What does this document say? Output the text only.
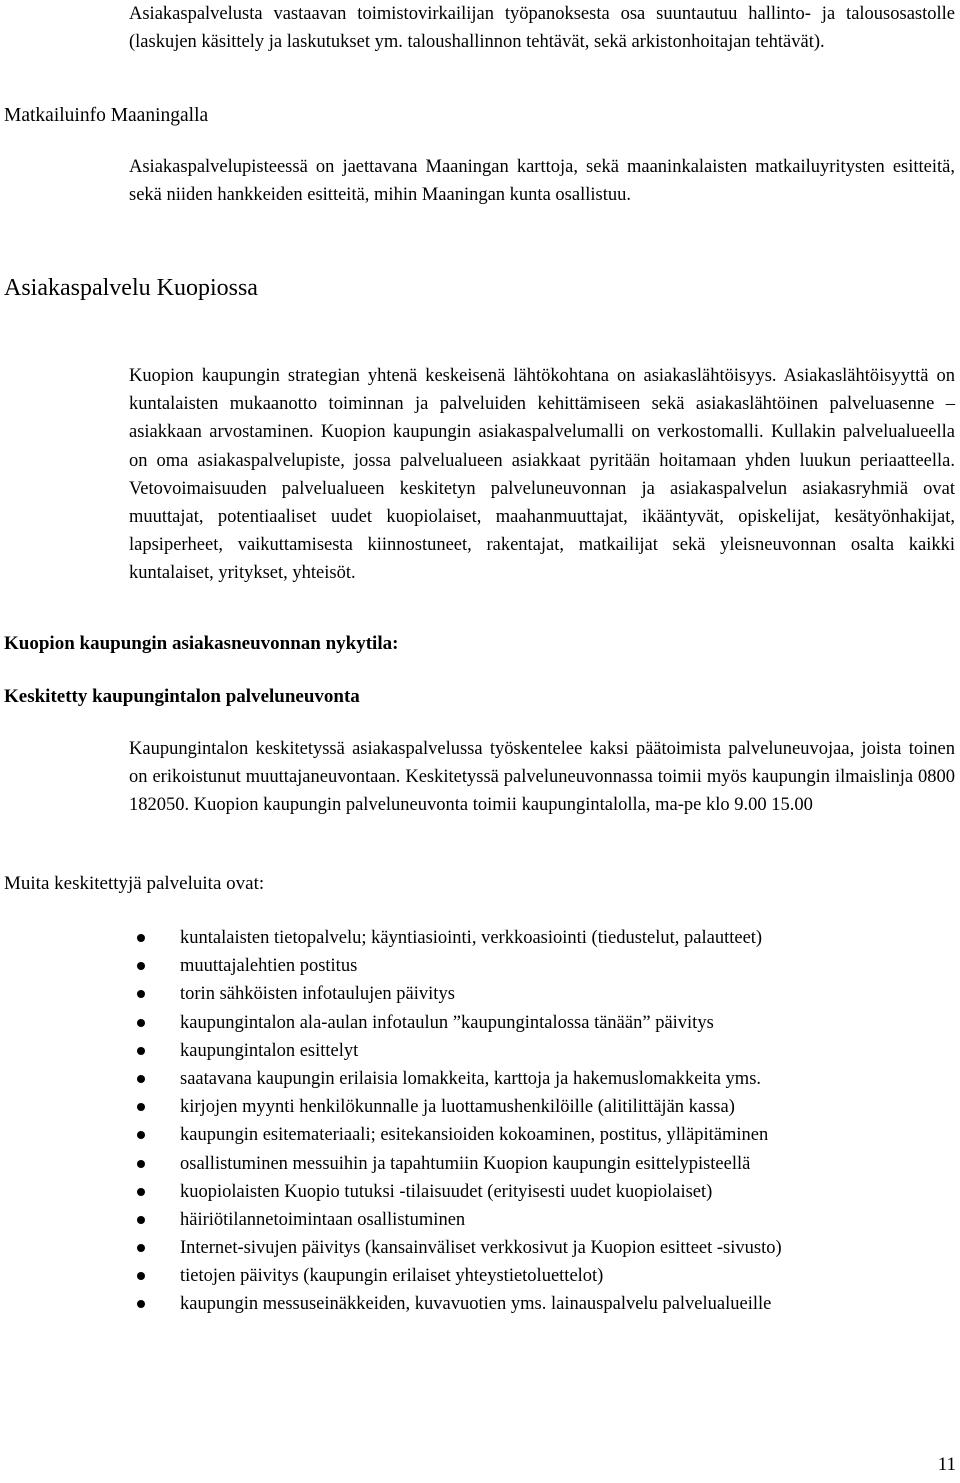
Asiakaspalvelusta vastaavan toimistovirkailijan työpanoksesta osa suuntautuu hallinto- ja talousosastolle (laskujen käsittely ja laskutukset ym. taloushallinnon tehtävät, sekä arkistonhoitajan tehtävät).
Matkailuinfo Maaningalla
Asiakaspalvelupisteessä on jaettavana Maaningan karttoja, sekä maaninkalaisten matkailuyritysten esitteitä, sekä niiden hankkeiden esitteitä, mihin Maaningan kunta osallistuu.
Asiakaspalvelu Kuopiossa
Kuopion kaupungin strategian yhtenä keskeisenä lähtökohtana on asiakaslähtöisyys. Asiakaslähtöisyyttä on kuntalaisten mukaanotto toiminnan ja palveluiden kehittämiseen sekä asiakaslähtöinen palveluasenne – asiakkaan arvostaminen. Kuopion kaupungin asiakaspalvelumalli on verkostomalli. Kullakin palvelualueella on oma asiakaspalvelupiste, jossa palvelualueen asiakkaat pyritään hoitamaan yhden luukun periaatteella. Vetovoimaisuuden palvelualueen keskitetyn palveluneuvonnan ja asiakaspalvelun asiakasryhmiä ovat muuttajat, potentiaaliset uudet kuopiolaiset, maahanmuuttajat, ikääntyvät, opiskelijat, kesätyönhakijat, lapsiperheet, vaikuttamisesta kiinnostuneet, rakentajat, matkailijat sekä yleisneuvonnan osalta kaikki kuntalaiset, yritykset, yhteisöt.
Kuopion kaupungin asiakasneuvonnan nykytila:
Keskitetty kaupungintalon palveluneuvonta
Kaupungintalon keskitetyssä asiakaspalvelussa työskentelee kaksi päätoimista palveluneuvojaa, joista toinen on erikoistunut muuttajaneuvontaan. Keskitetyssä palveluneuvonnassa toimii myös kaupungin ilmaislinja 0800 182050. Kuopion kaupungin palveluneuvonta toimii kaupungintalolla, ma-pe klo 9.00 15.00
Muita keskitettyjä palveluita ovat:
kuntalaisten tietopalvelu; käyntiasiointi, verkkoasiointi (tiedustelut, palautteet)
muuttajalehtien postitus
torin sähköisten infotaulujen päivitys
kaupungintalon ala-aulan infotaulun ”kaupungintalossa tänään” päivitys
kaupungintalon esittelyt
saatavana kaupungin erilaisia lomakkeita, karttoja ja hakemuslomakkeita yms.
kirjojen myynti henkilökunnalle ja luottamushenkilöille (alitilittäjän kassa)
kaupungin esitemateriaali; esitekansioiden kokoaminen, postitus, ylläpitäminen
osallistuminen messuihin ja tapahtumiin Kuopion kaupungin esittelypisteellä
kuopiolaisten Kuopio tutuksi -tilaisuudet (erityisesti uudet kuopiolaiset)
häiriötilannetoimintaan osallistuminen
Internet-sivujen päivitys (kansainväliset verkkosivut ja Kuopion esitteet -sivusto)
tietojen päivitys (kaupungin erilaiset yhteystietoluettelot)
kaupungin messuseinäkkeiden, kuvavuotien yms. lainauspalvelu palvelualueille
11
